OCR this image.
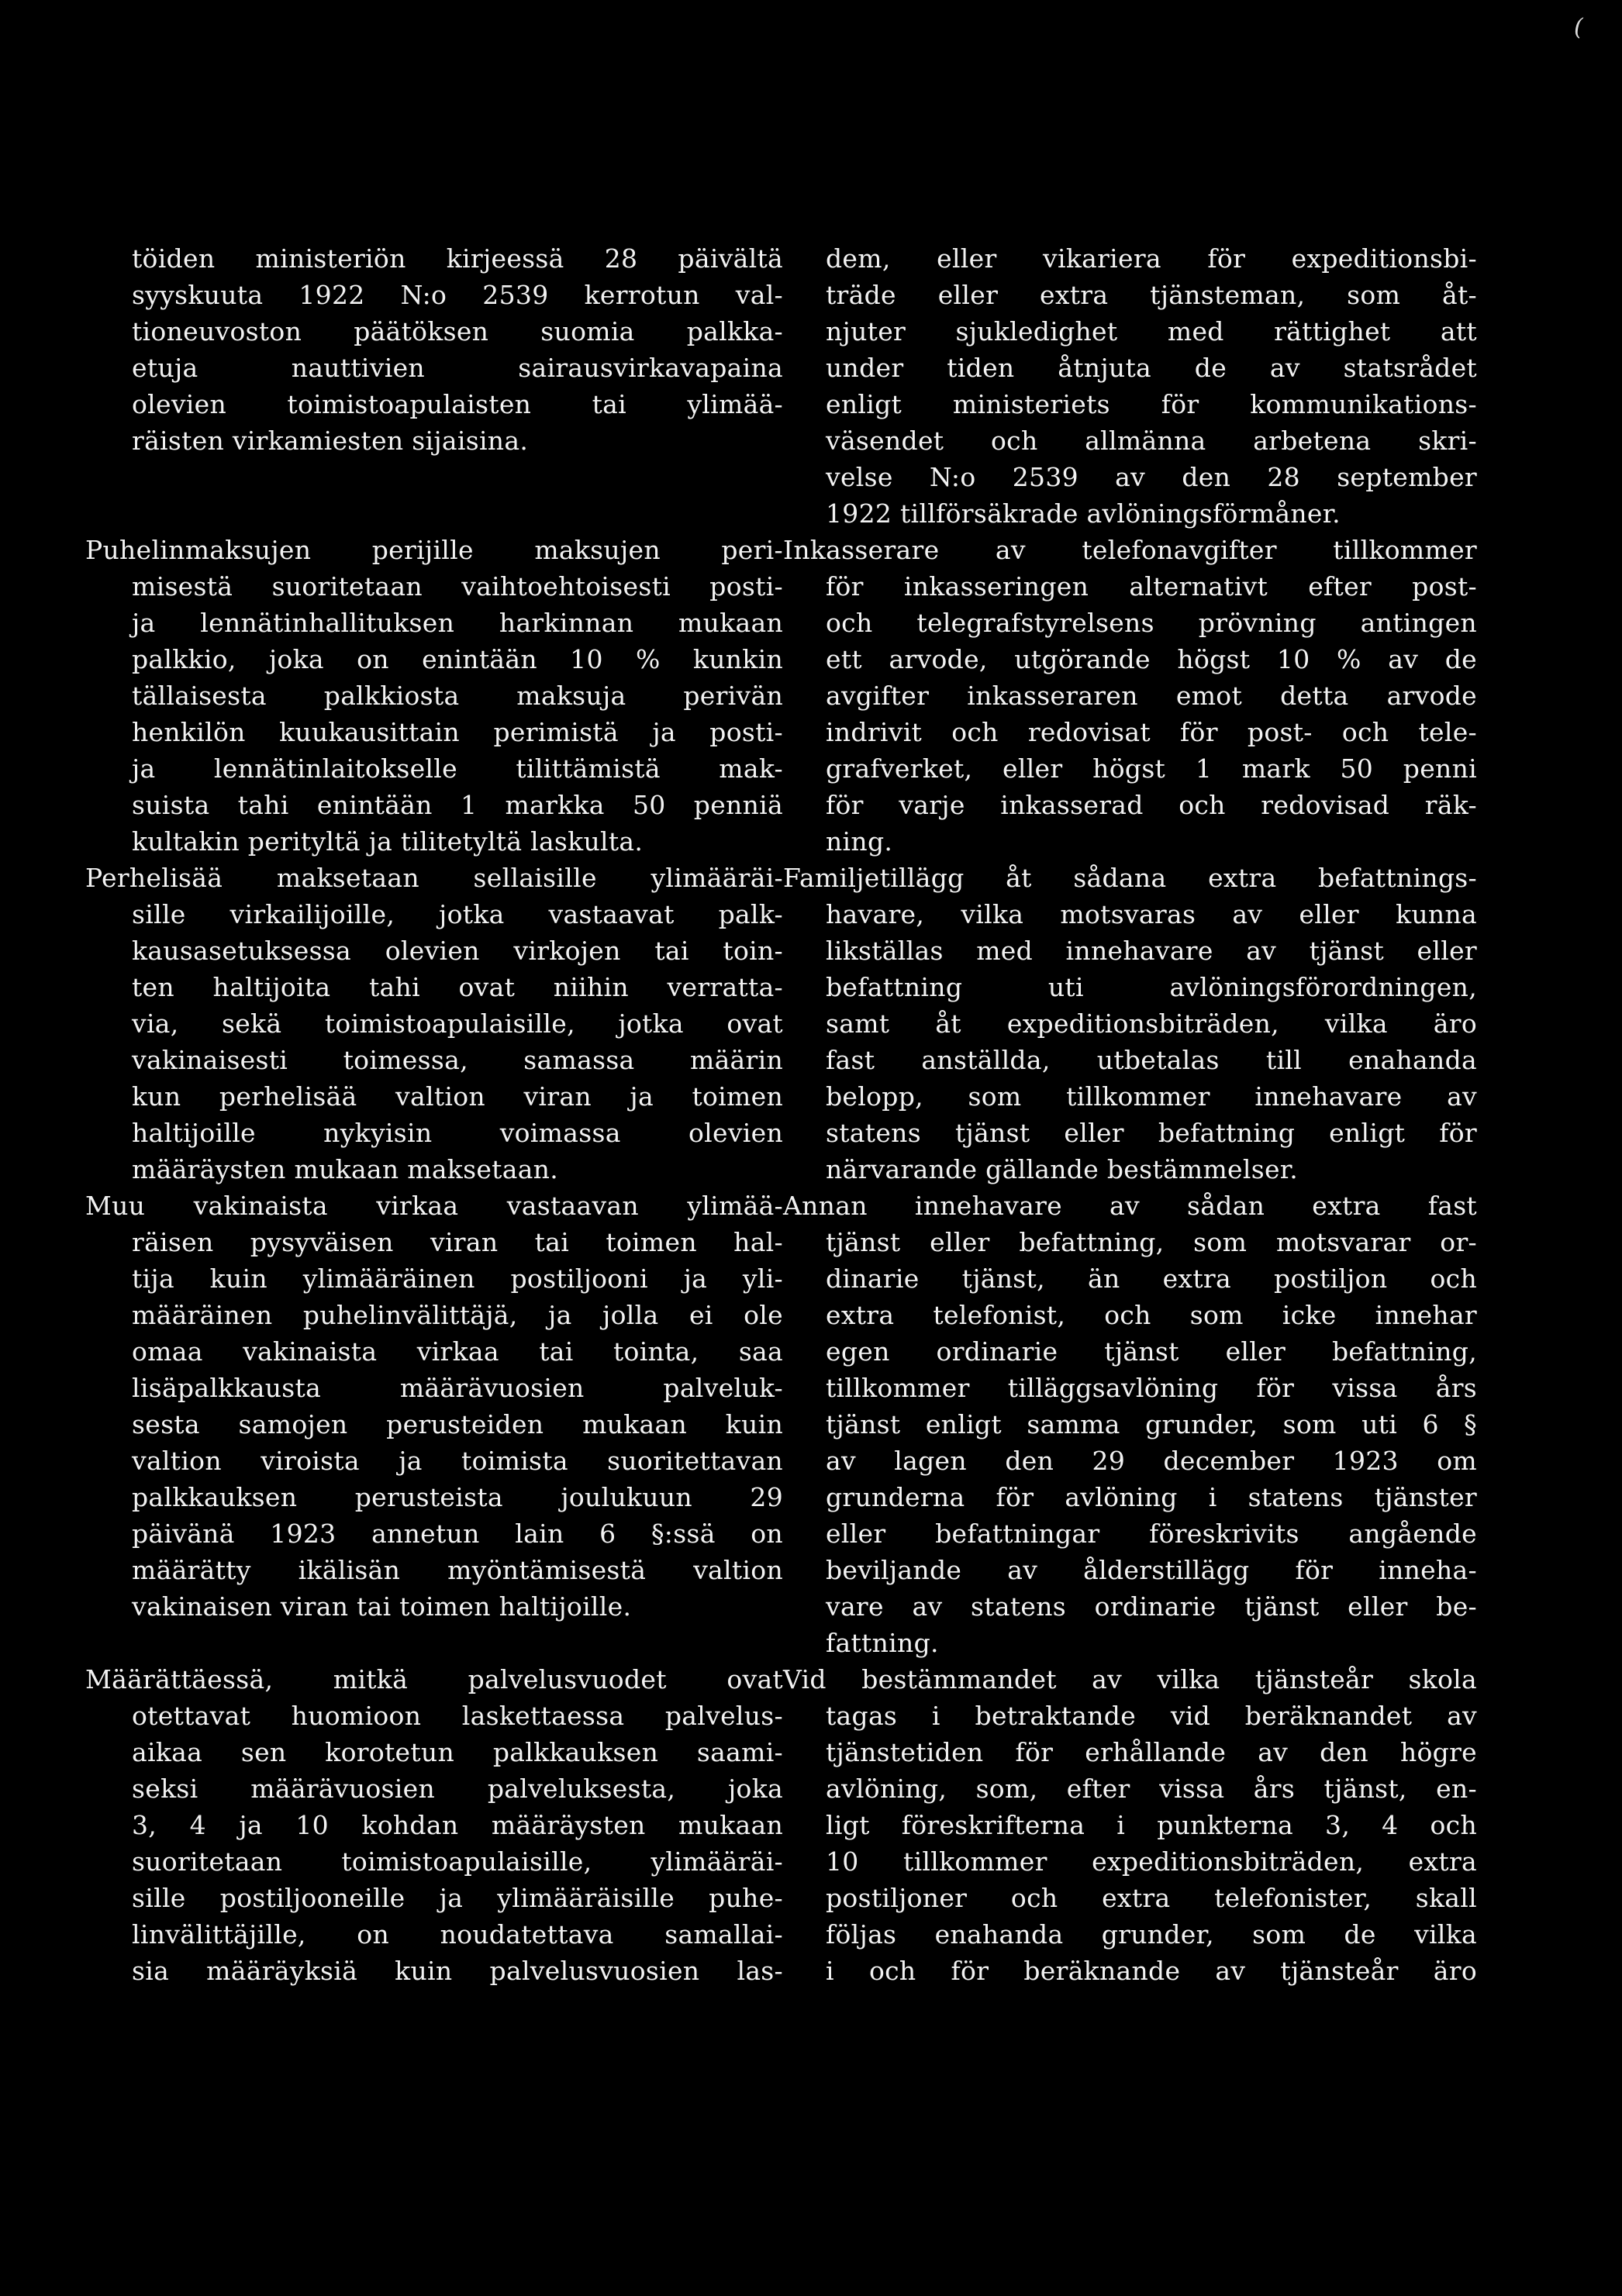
(
töiden ministeriön kirjeessä 28 päivältä
syyskuuta 1922 N:o 2539 kerrotun val-
tioneuvoston päätöksen suomia palkka-
etuja nauttivien sairausvirkavapaina
olevien toimistoapulaisten tai ylimää-
räisten virkamiesten sijaisina.
Puhelinmaksujen perijille maksujen peri-
misestä suoritetaan vaihtoehtoisesti posti-
ja lennätinhallituksen harkinnan mukaan
palkkio, joka on enintään 10 % kunkin
tällaisesta palkkiosta maksuja perivän
henkilön kuukausittain perimistä ja posti-
ja lennätinlaitokselle tilittämistä mak-
suista tahi enintään 1 markka 50 penniä
kultakin perityltä ja tilitetyltä laskulta.
Perhelisää maksetaan sellaisille ylimääräi-
sille virkailijoille, jotka vastaavat palk-
kausasetuksessa olevien virkojen tai toin-
ten haltijoita tahi ovat niihin verratta-
via, sekä toimistoapulaisille, jotka ovat
vakinaisesti toimessa, samassa määrin
kun perhelisää valtion viran ja toimen
haltijoille nykyisin voimassa olevien
määräysten mukaan maksetaan.
Muu vakinaista virkaa vastaavan ylimää-
räisen pysyväisen viran tai toimen hal-
tija kuin ylimääräinen postiljooni ja yli-
määräinen puhelinvälittäjä, ja jolla ei ole
omaa vakinaista virkaa tai tointa, saa
lisäpalkkausta määrävuosien palveluk-
sesta samojen perusteiden mukaan kuin
valtion viroista ja toimista suoritettavan
palkkauksen perusteista joulukuun 29
päivänä 1923 annetun lain 6 §:ssä on
määrätty ikälisän myöntämisestä valtion
vakinaisen viran tai toimen haltijoille.
Määrättäessä, mitkä palvelusvuodet ovat
otettavat huomioon laskettaessa palvelus-
aikaa sen korotetun palkkauksen saami-
seksi määrävuosien palveluksesta, joka
3, 4 ja 10 kohdan määräysten mukaan
suoritetaan toimistoapulaisille, ylimääräi-
sille postiljooneille ja ylimääräisille puhe-
linvälittäjille, on noudatettava samallai-
sia määräyksiä kuin palvelusvuosien las-
dem, eller vikariera för expeditionsbi-
träde eller extra tjänsteman, som åt-
njuter sjukledighet med rättighet att
under tiden åtnjuta de av statsrådet
enligt ministeriets för kommunikations-
väsendet och allmänna arbetena skri-
velse N:o 2539 av den 28 september
1922 tillförsäkrade avlöningsförmåner.
Inkasserare av telefonavgifter tillkommer
för inkasseringen alternativt efter post-
och telegrafstyrelsens prövning antingen
ett arvode, utgörande högst 10 % av de
avgifter inkasseraren emot detta arvode
indrivit och redovisat för post- och tele-
grafverket, eller högst 1 mark 50 penni
för varje inkasserad och redovisad räk-
ning.
Familjetillägg åt sådana extra befattnings-
havare, vilka motsvaras av eller kunna
likställas med innehavare av tjänst eller
befattning uti avlöningsförordningen,
samt åt expeditionsbiträden, vilka äro
fast anställda, utbetalas till enahanda
belopp, som tillkommer innehavare av
statens tjänst eller befattning enligt för
närvarande gällande bestämmelser.
Annan innehavare av sådan extra fast
tjänst eller befattning, som motsvarar or-
dinarie tjänst, än extra postiljon och
extra telefonist, och som icke innehar
egen ordinarie tjänst eller befattning,
tillkommer tilläggsavlöning för vissa års
tjänst enligt samma grunder, som uti 6 §
av lagen den 29 december 1923 om
grunderna för avlöning i statens tjänster
eller befattningar föreskrivits angående
beviljande av ålderstillägg för inneha-
vare av statens ordinarie tjänst eller be-
fattning.
Vid bestämmandet av vilka tjänsteår skola
tagas i betraktande vid beräknandet av
tjänstetiden för erhållande av den högre
avlöning, som, efter vissa års tjänst, en-
ligt föreskrifterna i punkterna 3, 4 och
10 tillkommer expeditionsbiträden, extra
postiljoner och extra telefonister, skall
följas enahanda grunder, som de vilka
i och för beräknande av tjänsteår äro
